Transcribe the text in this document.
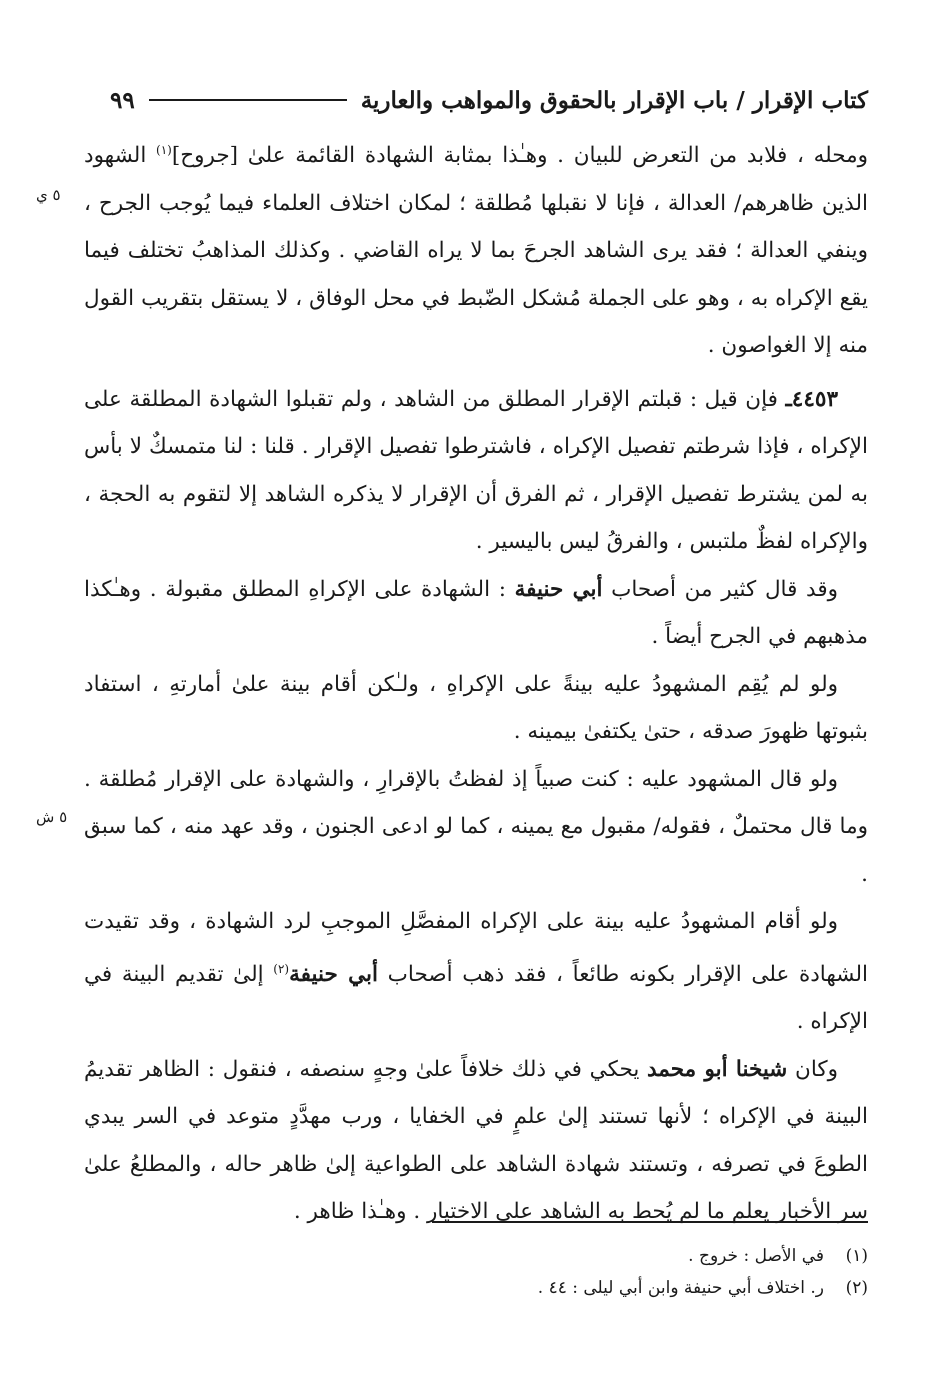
كتاب الإقرار / باب الإقرار بالحقوق والمواهب والعارية
٩٩
٥ ي
٥ ش

ومحله ، فلابد من التعرض للبيان . وهـٰذا بمثابة الشهادة القائمة علىٰ [جروح]$^{(١)}$ الشهود الذين ظاهرهم/ العدالة ، فإنا لا نقبلها مُطلقة ؛ لمكان اختلاف العلماء فيما يُوجب الجرح ، وينفي العدالة ؛ فقد يرى الشاهد الجرحَ بما لا يراه القاضي . وكذلك المذاهبُ تختلف فيما يقع الإكراه به ، وهو على الجملة مُشكل الضّبط في محل الوفاق ، لا يستقل بتقريب القول منه إلا الغواصون .

٤٤٥٣ـ فإن قيل : قبلتم الإقرار المطلق من الشاهد ، ولم تقبلوا الشهادة المطلقة على الإكراه ، فإذا شرطتم تفصيل الإكراه ، فاشترطوا تفصيل الإقرار . قلنا : لنا متمسكٌ لا بأس به لمن يشترط تفصيل الإقرار ، ثم الفرق أن الإقرار لا يذكره الشاهد إلا لتقوم به الحجة ، والإكراه لفظٌ ملتبس ، والفرقُ ليس باليسير .

وقد قال كثير من أصحاب أبي حنيفة : الشهادة على الإكراهِ المطلق مقبولة . وهـٰكذا مذهبهم في الجرح أيضاً .

ولو لم يُقِم المشهودُ عليه بينةً على الإكراهِ ، ولـٰكن أقام بينة علىٰ أمارتهِ ، استفاد بثبوتها ظهورَ صدقه ، حتىٰ يكتفىٰ بيمينه .

ولو قال المشهود عليه : كنت صبياً إذ لفظتُ بالإقرارِ ، والشهادة على الإقرار مُطلقة . وما قال محتملٌ ، فقوله/ مقبول مع يمينه ، كما لو ادعى الجنون ، وقد عهد منه ، كما سبق .

ولو أقام المشهودُ عليه بينة على الإكراه المفصَّلِ الموجبِ لرد الشهادة ، وقد تقيدت الشهادة على الإقرار بكونه طائعاً ، فقد ذهب أصحاب أبي حنيفة$^{(٢)}$ إلىٰ تقديم البينة في الإكراه .

وكان شيخنا أبو محمد يحكي في ذلك خلافاً علىٰ وجهٍ سنصفه ، فنقول : الظاهر تقديمُ البينة في الإكراه ؛ لأنها تستند إلىٰ علمٍ في الخفايا ، ورب مهدَّدٍ متوعد في السر يبدي الطوعَ في تصرفه ، وتستند شهادة الشاهد على الطواعية إلىٰ ظاهر حاله ، والمطلعُ علىٰ سر الأخبار يعلم ما لم يُحط به الشاهد على الاختيار . وهـٰذا ظاهر .

(١)
في الأصل : خروج .
(٢)
ر. اختلاف أبي حنيفة وابن أبي ليلى : ٤٤ .
